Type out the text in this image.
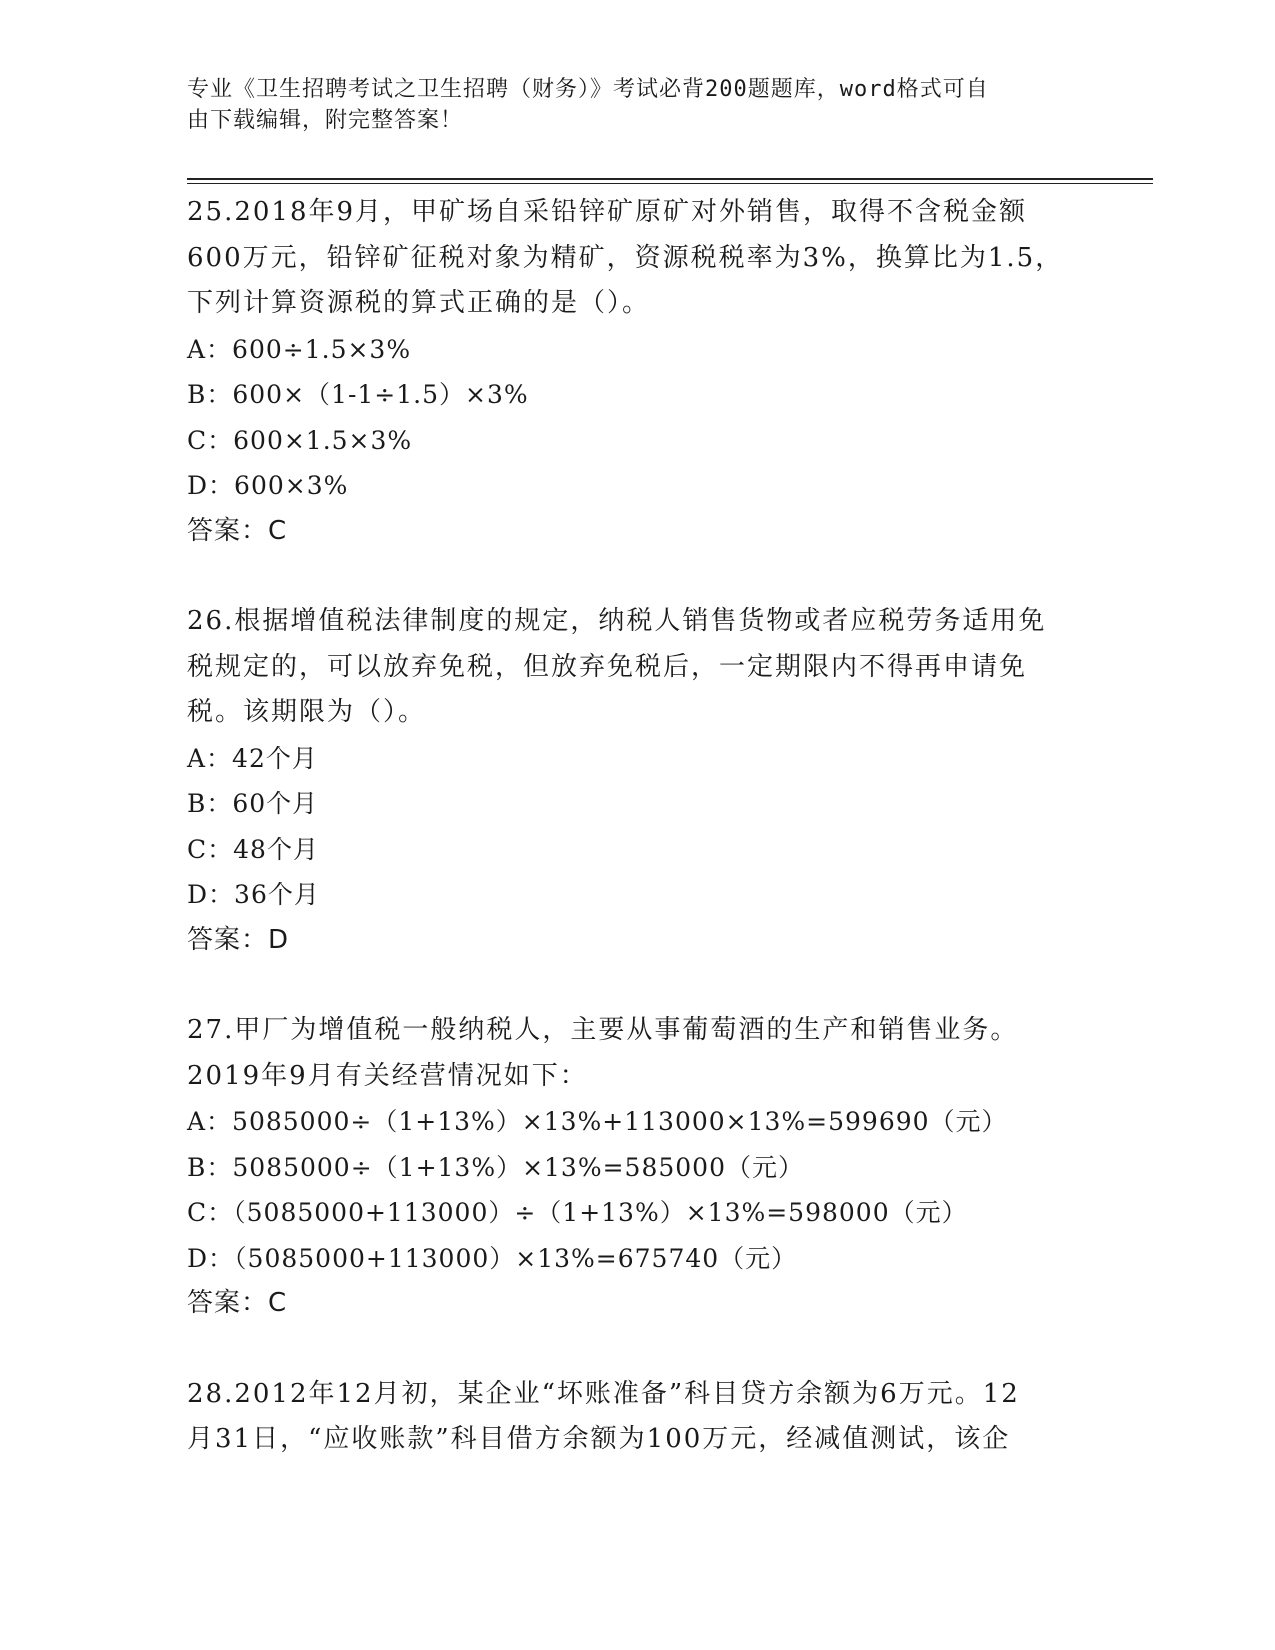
专业《卫生招聘考试之卫生招聘（财务）》考试必背200题题库，word格式可自
由下载编辑，附完整答案！

25.2018年9月，甲矿场自采铅锌矿原矿对外销售，取得不含税金额

600万元，铅锌矿征税对象为精矿，资源税税率为3%，换算比为1.5，

下列计算资源税的算式正确的是（）。

A：600÷1.5×3%

B：600×（1-1÷1.5）×3%

C：600×1.5×3%

D：600×3%

答案：C

26.根据增值税法律制度的规定，纳税人销售货物或者应税劳务适用免

税规定的，可以放弃免税，但放弃免税后，一定期限内不得再申请免

税。该期限为（）。

A：42个月

B：60个月

C：48个月

D：36个月

答案：D

27.甲厂为增值税一般纳税人，主要从事葡萄酒的生产和销售业务。

2019年9月有关经营情况如下：

A：5085000÷（1+13%）×13%+113000×13%=599690（元）

B：5085000÷（1+13%）×13%=585000（元）

C：（5085000+113000）÷（1+13%）×13%=598000（元）

D：（5085000+113000）×13%=675740（元）

答案：C

28.2012年12月初，某企业“坏账准备”科目贷方余额为6万元。12

月31日，“应收账款”科目借方余额为100万元，经减值测试，该企
